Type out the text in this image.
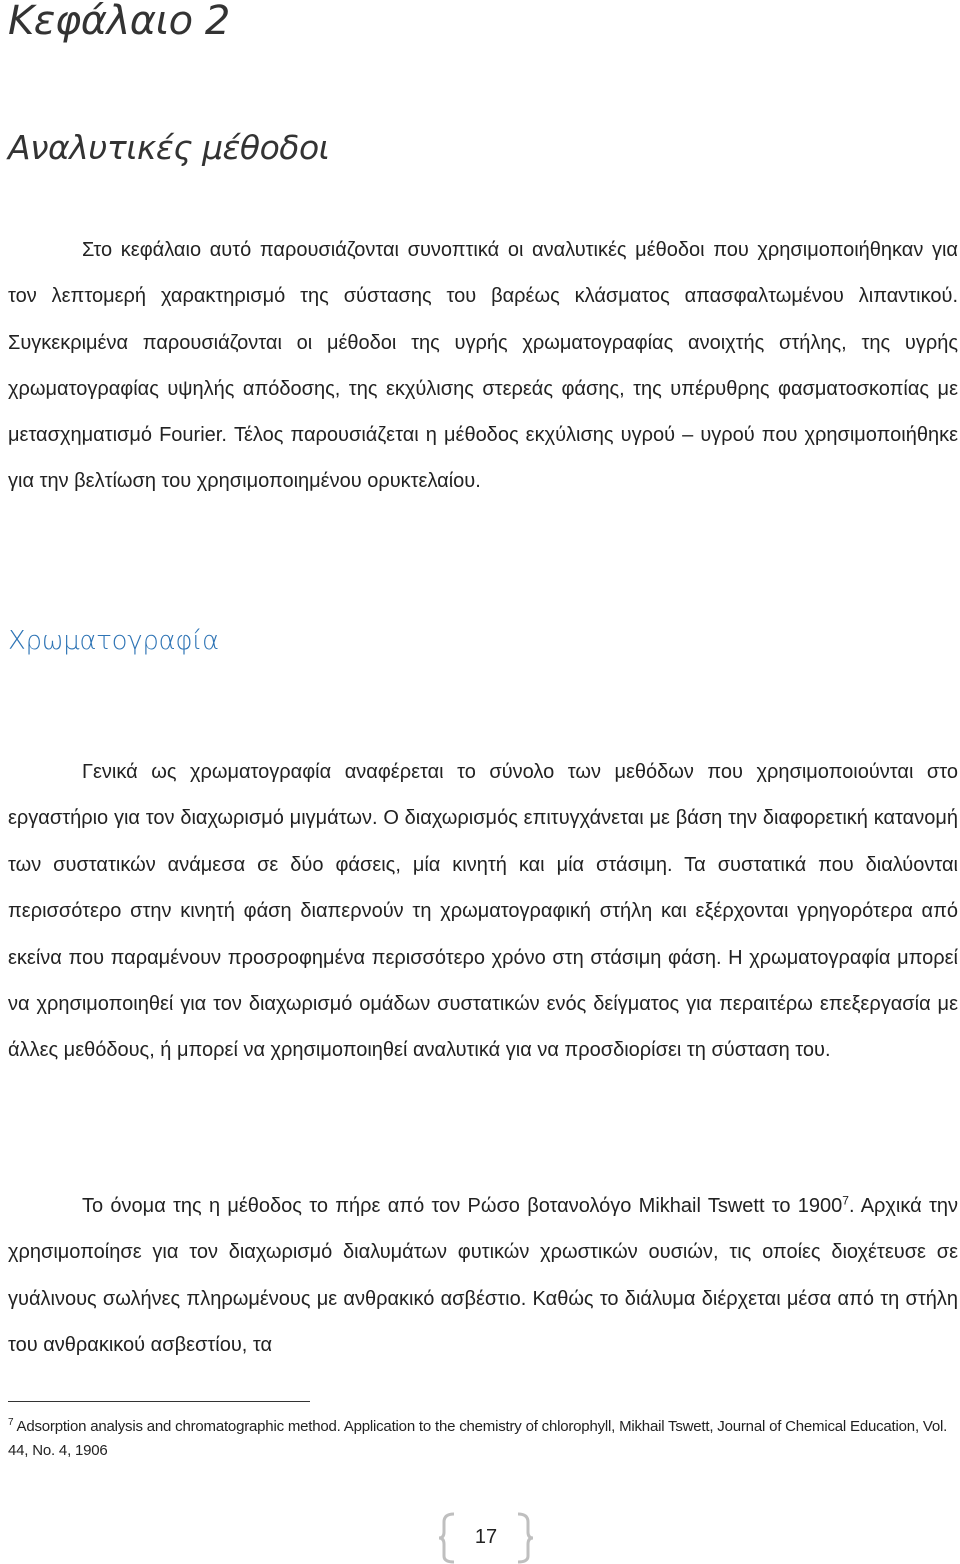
Κεφάλαιο 2
Αναλυτικές μέθοδοι

Στο κεφάλαιο αυτό παρουσιάζονται συνοπτικά οι αναλυτικές μέθοδοι που χρησιμοποιήθηκαν για τον λεπτομερή χαρακτηρισμό της σύστασης του βαρέως κλάσματος απασφαλτωμένου λιπαντικού. Συγκεκριμένα παρουσιάζονται οι μέθοδοι της υγρής χρωματογραφίας ανοιχτής στήλης, της υγρής χρωματογραφίας υψηλής απόδοσης, της εκχύλισης στερεάς φάσης, της υπέρυθρης φασματοσκοπίας με μετασχηματισμό Fourier. Τέλος παρουσιάζεται η μέθοδος εκχύλισης υγρού – υγρού που χρησιμοποιήθηκε για την βελτίωση του χρησιμοποιημένου ορυκτελαίου.

Χρωματογραφία

Γενικά ως χρωματογραφία αναφέρεται το σύνολο των μεθόδων που χρησιμοποιούνται στο εργαστήριο για τον διαχωρισμό μιγμάτων. Ο διαχωρισμός επιτυγχάνεται με βάση την διαφορετική κατανομή των συστατικών ανάμεσα σε δύο φάσεις, μία κινητή και μία στάσιμη. Τα συστατικά που διαλύονται περισσότερο στην κινητή φάση διαπερνούν τη χρωματογραφική στήλη και εξέρχονται γρηγορότερα από εκείνα που παραμένουν προσροφημένα περισσότερο χρόνο στη στάσιμη φάση. Η χρωματογραφία μπορεί να χρησιμοποιηθεί για τον διαχωρισμό ομάδων συστατικών ενός δείγματος για περαιτέρω επεξεργασία με άλλες μεθόδους, ή μπορεί να χρησιμοποιηθεί αναλυτικά για να προσδιορίσει τη σύσταση του.

Το όνομα της η μέθοδος το πήρε από τον Ρώσο βοτανολόγο Mikhail Tswett το 1900$^7$. Αρχικά την χρησιμοποίησε για τον διαχωρισμό διαλυμάτων φυτικών χρωστικών ουσιών, τις οποίες διοχέτευσε σε γυάλινους σωλήνες πληρωμένους με ανθρακικό ασβέστιο. Καθώς το διάλυμα διέρχεται μέσα από τη στήλη του ανθρακικού ασβεστίου, τα

$^7$ Adsorption analysis and chromatographic method. Application to the chemistry of chlorophyll, Mikhail Tswett, Journal of Chemical Education, Vol. 44, No. 4, 1906

17
